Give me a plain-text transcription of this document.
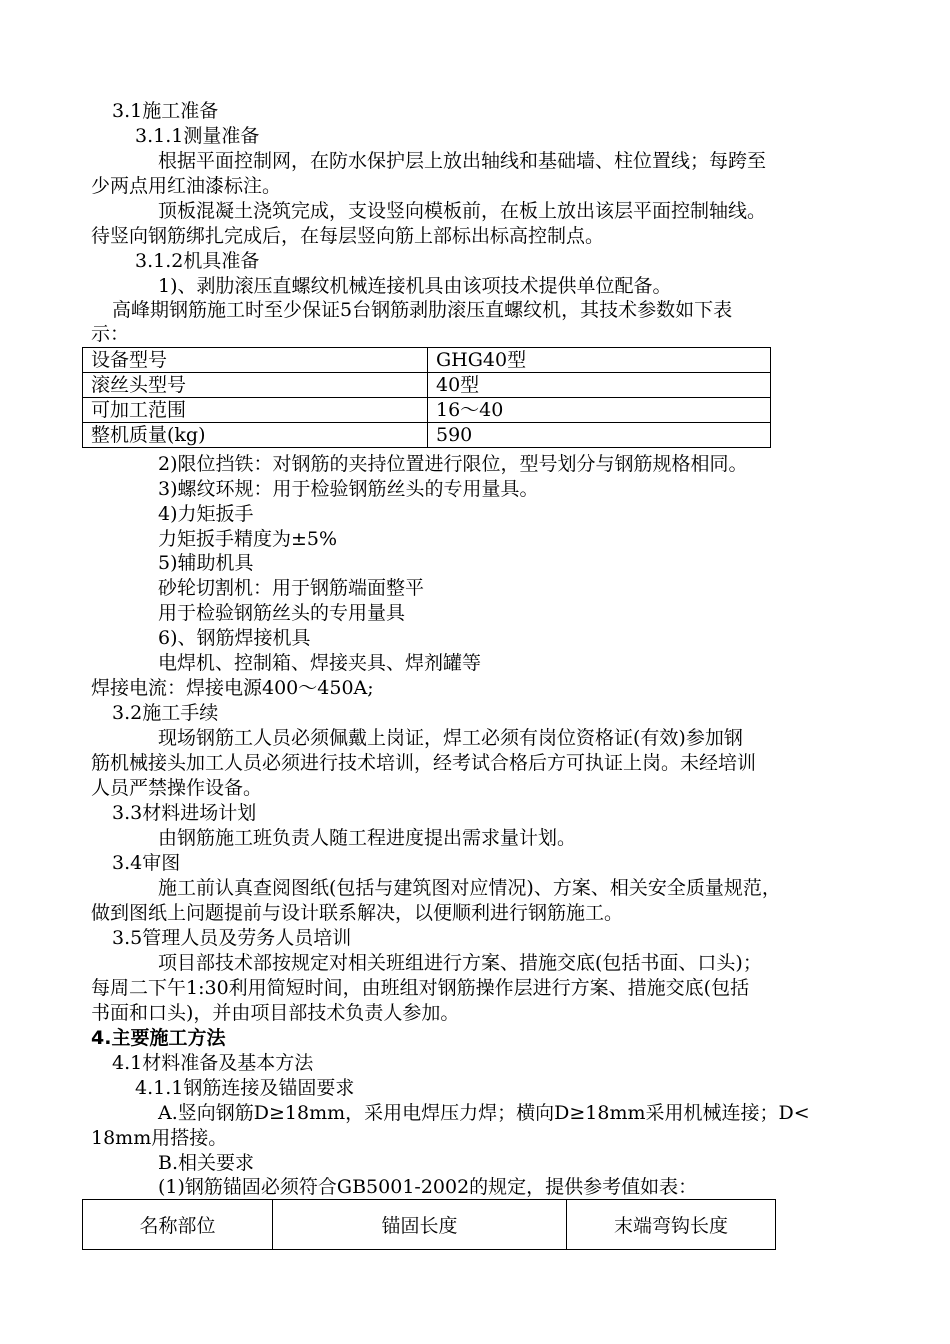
3.1施工准备
3.1.1测量准备
根据平面控制网，在防水保护层上放出轴线和基础墙、柱位置线；每跨至
少两点用红油漆标注。
顶板混凝土浇筑完成，支设竖向模板前，在板上放出该层平面控制轴线。
待竖向钢筋绑扎完成后，在每层竖向筋上部标出标高控制点。
3.1.2机具准备
1)、剥肋滚压直螺纹机械连接机具由该项技术提供单位配备。
高峰期钢筋施工时至少保证5台钢筋剥肋滚压直螺纹机，其技术参数如下表
示：
设备型号	GHG40型
滚丝头型号	40型
可加工范围	16～40
整机质量(kg)	590
2)限位挡铁：对钢筋的夹持位置进行限位，型号划分与钢筋规格相同。
3)螺纹环规：用于检验钢筋丝头的专用量具。
4)力矩扳手
力矩扳手精度为±5%
5)辅助机具
砂轮切割机：用于钢筋端面整平
用于检验钢筋丝头的专用量具
6)、钢筋焊接机具
电焊机、控制箱、焊接夹具、焊剂罐等
焊接电流：焊接电源400～450A;
3.2施工手续
现场钢筋工人员必须佩戴上岗证，焊工必须有岗位资格证(有效)参加钢
筋机械接头加工人员必须进行技术培训，经考试合格后方可执证上岗。未经培训
人员严禁操作设备。
3.3材料进场计划
由钢筋施工班负责人随工程进度提出需求量计划。
3.4审图
施工前认真查阅图纸(包括与建筑图对应情况)、方案、相关安全质量规范，
做到图纸上问题提前与设计联系解决，以便顺利进行钢筋施工。
3.5管理人员及劳务人员培训
项目部技术部按规定对相关班组进行方案、措施交底(包括书面、口头)；
每周二下午1:30利用简短时间，由班组对钢筋操作层进行方案、措施交底(包括
书面和口头)，并由项目部技术负责人参加。
4.主要施工方法
4.1材料准备及基本方法
4.1.1钢筋连接及锚固要求
A.竖向钢筋D≥18mm，采用电焊压力焊；横向D≥18mm采用机械连接；D<
18mm用搭接。
B.相关要求
(1)钢筋锚固必须符合GB5001-2002的规定，提供参考值如表：
名称部位	锚固长度	末端弯钩长度
